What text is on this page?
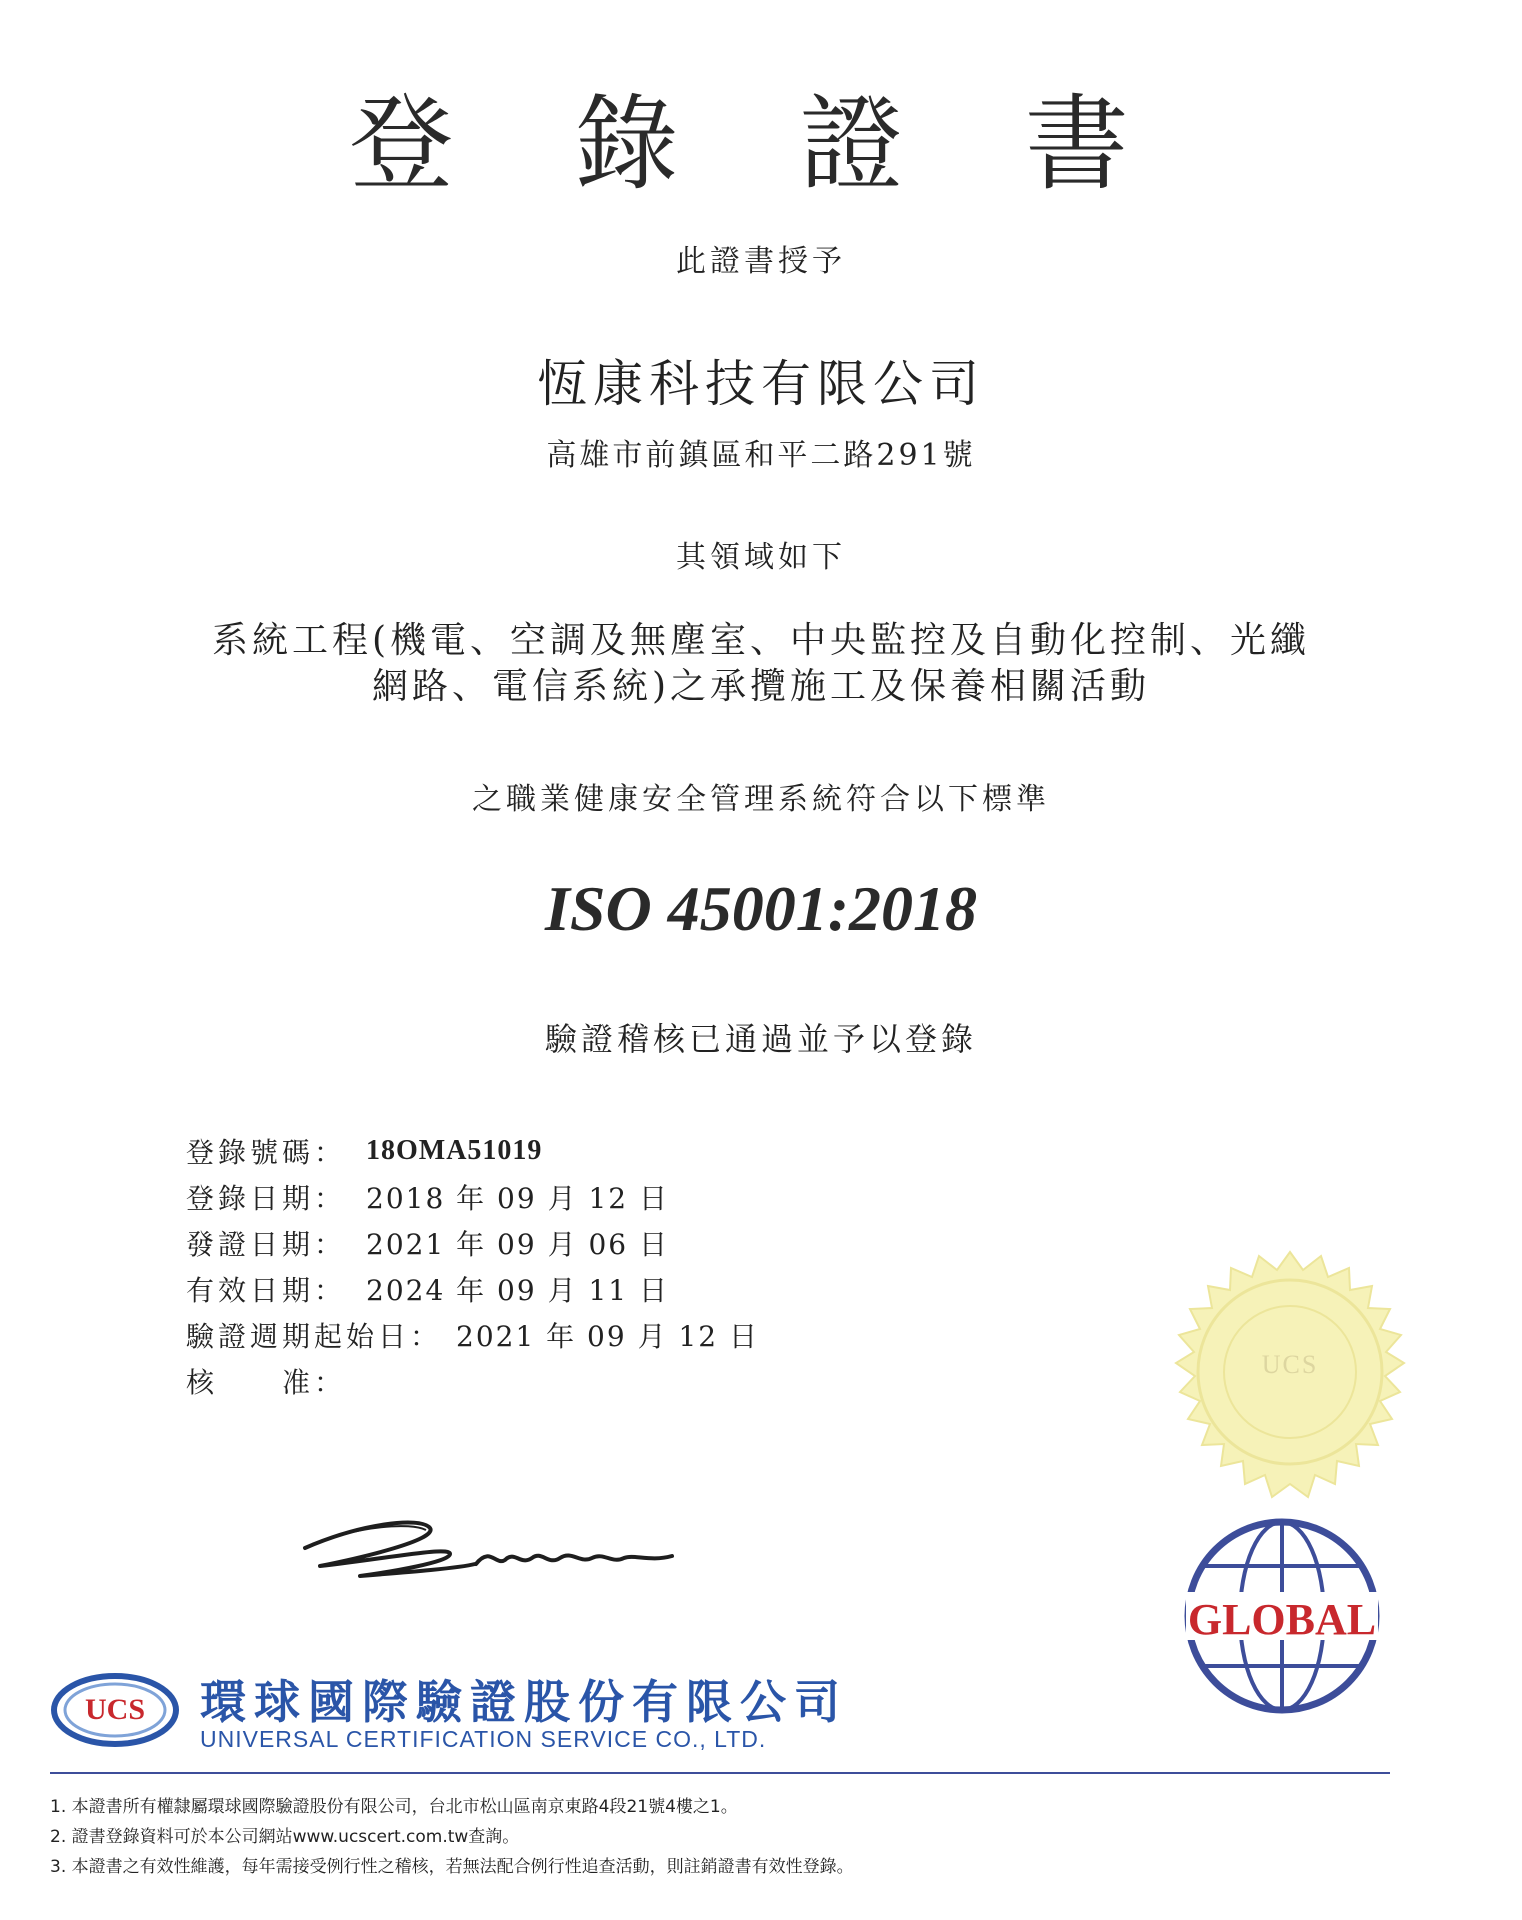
登 錄 證 書
此證書授予
恆康科技有限公司
高雄市前鎮區和平二路291號
其領域如下
系統工程(機電、空調及無塵室、中央監控及自動化控制、光纖
網路、電信系統)之承攬施工及保養相關活動
之職業健康安全管理系統符合以下標準
ISO 45001:2018
驗證稽核已通過並予以登錄
登錄號碼： 18OMA51019
登錄日期： 2018 年 09 月 12 日
發證日期： 2021 年 09 月 06 日
有效日期： 2024 年 09 月 11 日
驗證週期起始日： 2021 年 09 月 12 日
核　　准：
UCS
GLOBAL
UCS	環球國際驗證股份有限公司
UNIVERSAL CERTIFICATION SERVICE CO., LTD.
1. 本證書所有權隸屬環球國際驗證股份有限公司，台北市松山區南京東路4段21號4樓之1。
2. 證書登錄資料可於本公司網站www.ucscert.com.tw查詢。
3. 本證書之有效性維護，每年需接受例行性之稽核，若無法配合例行性追查活動，則註銷證書有效性登錄。
